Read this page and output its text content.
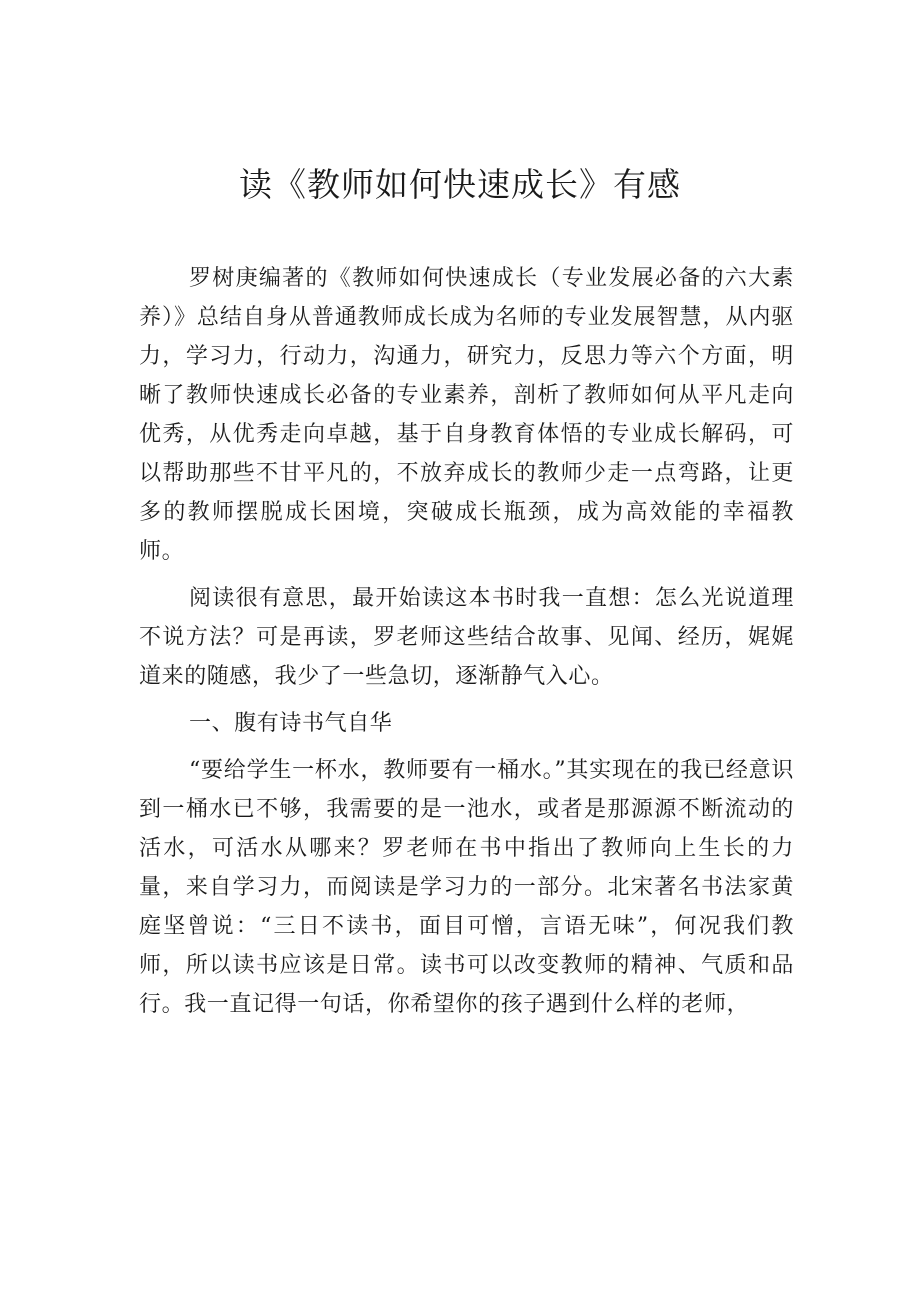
读《教师如何快速成长》有感

罗树庚编著的《教师如何快速成长（专业发展必备的六大素养）》总结自身从普通教师成长成为名师的专业发展智慧，从内驱力，学习力，行动力，沟通力，研究力，反思力等六个方面，明晰了教师快速成长必备的专业素养，剖析了教师如何从平凡走向优秀，从优秀走向卓越，基于自身教育体悟的专业成长解码，可以帮助那些不甘平凡的，不放弃成长的教师少走一点弯路，让更多的教师摆脱成长困境，突破成长瓶颈，成为高效能的幸福教师。

阅读很有意思，最开始读这本书时我一直想：怎么光说道理不说方法？可是再读，罗老师这些结合故事、见闻、经历，娓娓道来的随感，我少了一些急切，逐渐静气入心。

一、腹有诗书气自华

“要给学生一杯水，教师要有一桶水。”其实现在的我已经意识到一桶水已不够，我需要的是一池水，或者是那源源不断流动的活水，可活水从哪来？罗老师在书中指出了教师向上生长的力量，来自学习力，而阅读是学习力的一部分。北宋著名书法家黄庭坚曾说：“三日不读书，面目可憎，言语无味”，何况我们教师，所以读书应该是日常。读书可以改变教师的精神、气质和品行。我一直记得一句话，你希望你的孩子遇到什么样的老师，
